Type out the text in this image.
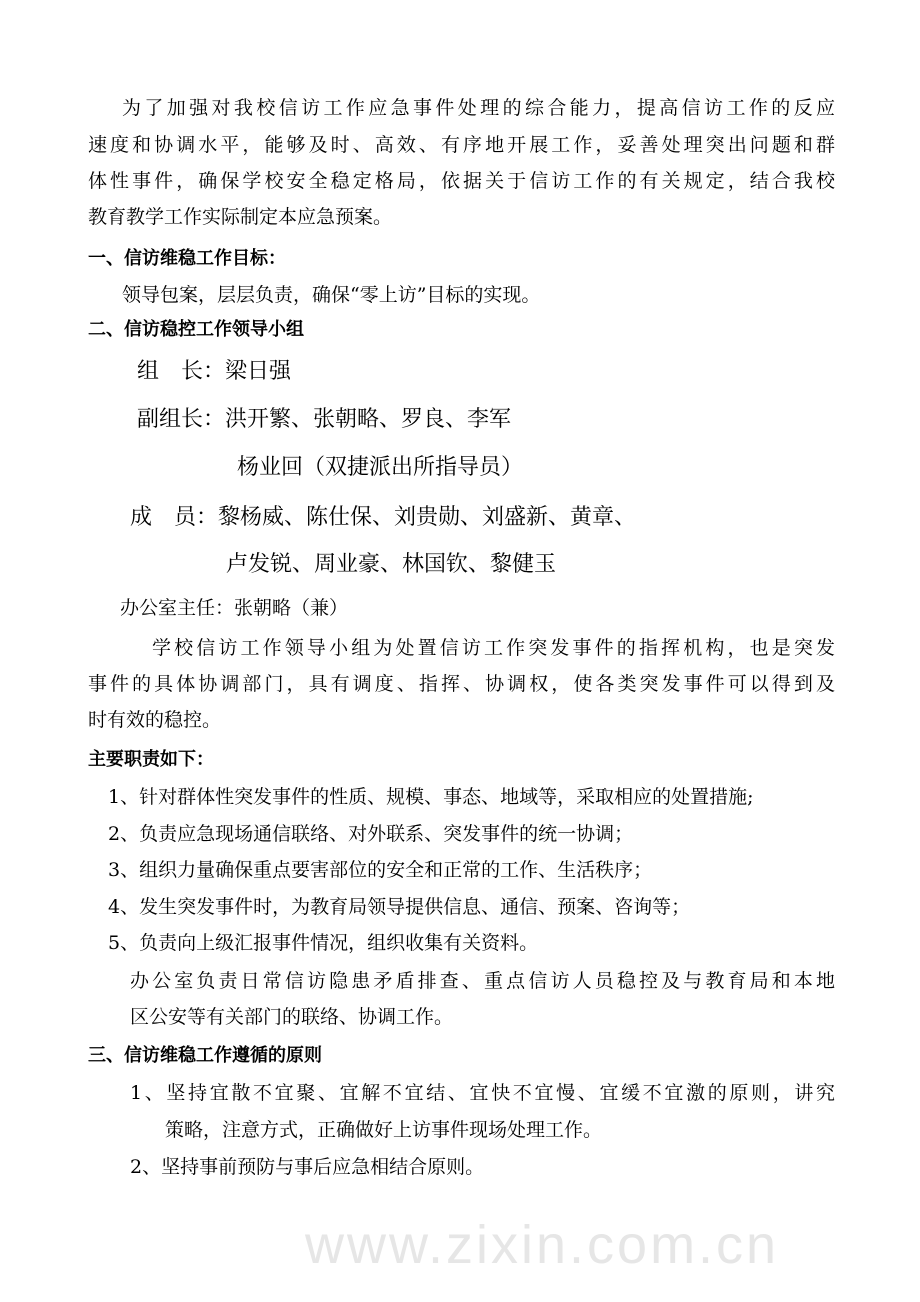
www.zixin.com.cn
为了加强对我校信访工作应急事件处理的综合能力，提高信访工作的反应
速度和协调水平，能够及时、高效、有序地开展工作，妥善处理突出问题和群
体性事件，确保学校安全稳定格局，依据关于信访工作的有关规定，结合我校
教育教学工作实际制定本应急预案。
一、信访维稳工作目标：
领导包案，层层负责，确保“零上访”目标的实现。
二、信访稳控工作领导小组
组　长：梁日强
副组长：洪开繁、张朝略、罗良、李军
杨业回（双捷派出所指导员）
成　员：黎杨威、陈仕保、刘贵勋、刘盛新、黄章、
卢发锐、周业豪、林国钦、黎健玉
办公室主任：张朝略（兼）
学校信访工作领导小组为处置信访工作突发事件的指挥机构，也是突发
事件的具体协调部门，具有调度、指挥、协调权，使各类突发事件可以得到及
时有效的稳控。
主要职责如下：
1、针对群体性突发事件的性质、规模、事态、地域等，采取相应的处置措施;
2、负责应急现场通信联络、对外联系、突发事件的统一协调；
3、组织力量确保重点要害部位的安全和正常的工作、生活秩序；
4、发生突发事件时，为教育局领导提供信息、通信、预案、咨询等；
5、负责向上级汇报事件情况，组织收集有关资料。
办公室负责日常信访隐患矛盾排查、重点信访人员稳控及与教育局和本地
区公安等有关部门的联络、协调工作。
三、信访维稳工作遵循的原则
1、坚持宜散不宜聚、宜解不宜结、宜快不宜慢、宜缓不宜激的原则，讲究
策略，注意方式，正确做好上访事件现场处理工作。
2、坚持事前预防与事后应急相结合原则。
